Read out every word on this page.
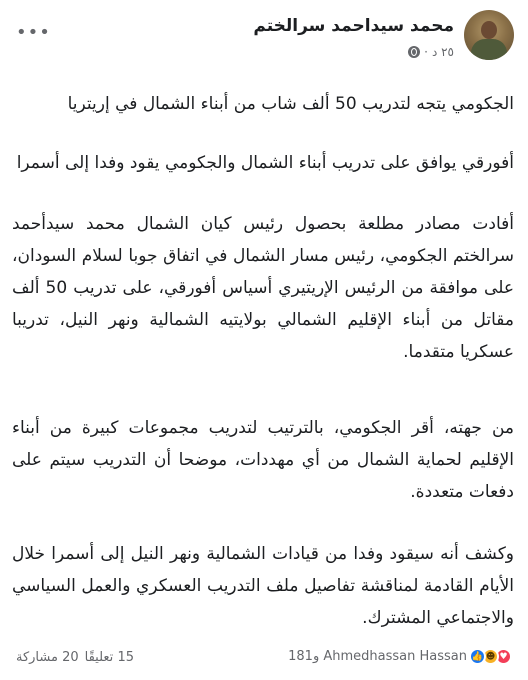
محمد سيداحمد سرالختم
٢٥ د
·
•••

الجكومي يتجه لتدريب 50 ألف شاب من أبناء الشمال في إريتريا

أفورقي يوافق على تدريب أبناء الشمال والجكومي يقود وفدا إلى أسمرا

أفادت مصادر مطلعة بحصول رئيس كيان الشمال محمد سيدأحمد سرالختم الجكومي، رئيس مسار الشمال في اتفاق جوبا لسلام السودان، على موافقة من الرئيس الإريتيري أسياس أفورقي، على تدريب 50 ألف مقاتل من أبناء الإقليم الشمالي بولايتيه الشمالية ونهر النيل، تدريبا عسكريا متقدما.

من جهته، أقر الجكومي، بالترتيب لتدريب مجموعات كبيرة من أبناء الإقليم لحماية الشمال من أي مهددات، موضحا أن التدريب سيتم على دفعات متعددة.

وكشف أنه سيقود وفدا من قيادات الشمالية ونهر النيل إلى أسمرا خلال الأيام القادمة لمناقشة تفاصيل ملف التدريب العسكري والعمل السياسي والاجتماعي المشترك.

15 تعليقًا
20 مشاركة	👍 ☻ ♥
Ahmedhassan Hassan و181
